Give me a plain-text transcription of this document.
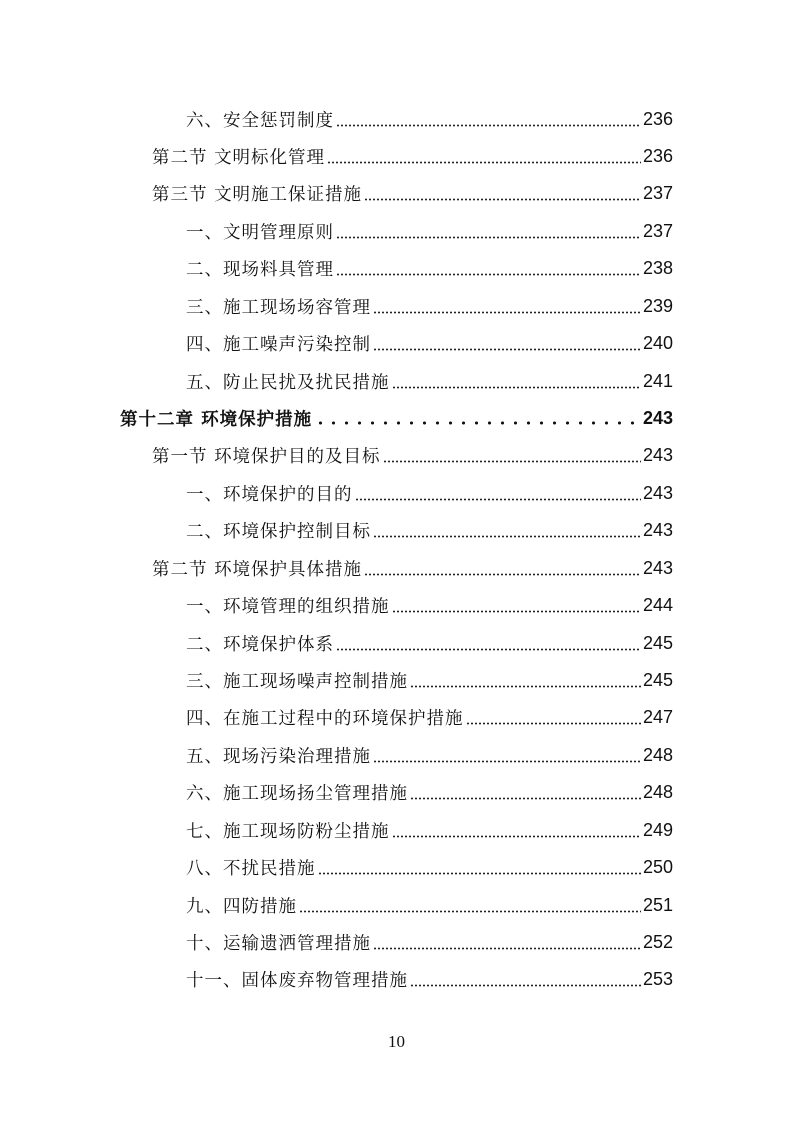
六、安全惩罚制度	236
第二节 文明标化管理	236
第三节 文明施工保证措施	237
一、文明管理原则	237
二、现场料具管理	238
三、施工现场场容管理	239
四、施工噪声污染控制	240
五、防止民扰及扰民措施	241
第十二章 环境保护措施	243
第一节 环境保护目的及目标	243
一、环境保护的目的	243
二、环境保护控制目标	243
第二节 环境保护具体措施	243
一、环境管理的组织措施	244
二、环境保护体系	245
三、施工现场噪声控制措施	245
四、在施工过程中的环境保护措施	247
五、现场污染治理措施	248
六、施工现场扬尘管理措施	248
七、施工现场防粉尘措施	249
八、不扰民措施	250
九、四防措施	251
十、运输遗洒管理措施	252
十一、固体废弃物管理措施	253
10
